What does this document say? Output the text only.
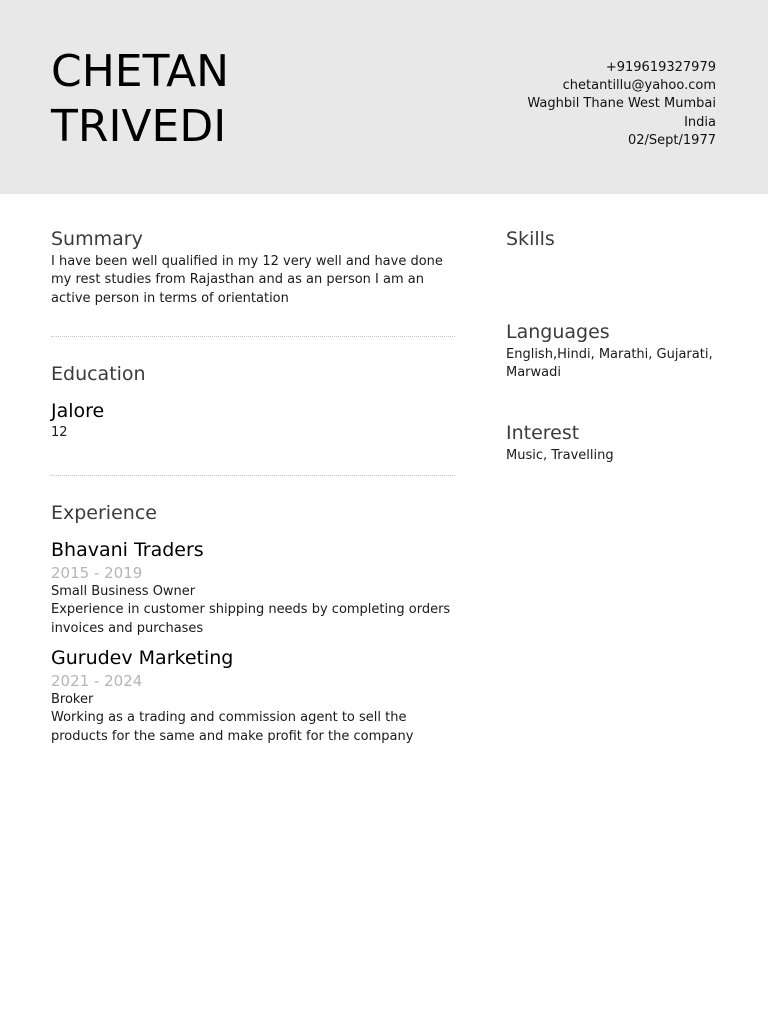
CHETAN
TRIVEDI
+919619327979
chetantillu@yahoo.com
Waghbil Thane West Mumbai
India
02/Sept/1977
Summary

I have been well qualified in my 12 very well and have done my rest studies from Rajasthan and as an person I am an active person in terms of orientation

Education
Jalore

12

Experience
Bhavani Traders

2015 - 2019

Small Business Owner

Experience in customer shipping needs by completing orders invoices and purchases

Gurudev Marketing

2021 - 2024

Broker

Working as a trading and commission agent to sell the products for the same and make profit for the company

Skills
Languages

English,Hindi, Marathi, Gujarati, Marwadi

Interest

Music, Travelling
